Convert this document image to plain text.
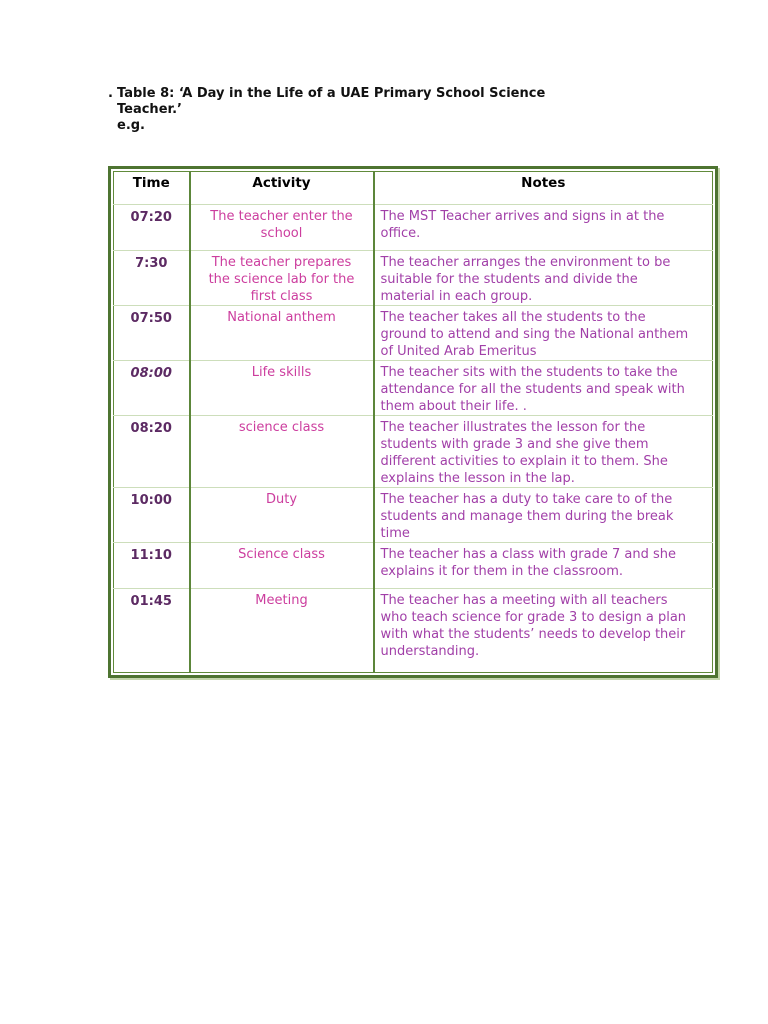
. Table 8: ‘A Day in the Life of a UAE Primary School Science
Teacher.’
e.g.
Time	Activity	Notes
07:20	The teacher enter the school	The MST Teacher arrives and signs in at the office.
7:30	The teacher prepares the science lab for the first class	The teacher arranges the environment to be suitable for the students and divide the material in each group.
07:50	National anthem	The teacher takes all the students to the ground to attend and sing the National anthem of United Arab Emeritus
08:00	Life skills	The teacher sits with the students to take the attendance for all the students and speak with them about their life. .
08:20	science class	The teacher illustrates the lesson for the students with grade 3 and she give them different activities to explain it to them. She explains the lesson in the lap.
10:00	Duty	The teacher has a duty to take care to of the students and manage them during the break time
11:10	Science class	The teacher has a class with grade 7 and she explains it for them in the classroom.
01:45	Meeting	The teacher has a meeting with all teachers who teach science for grade 3 to design a plan with what the students’ needs to develop their understanding.
